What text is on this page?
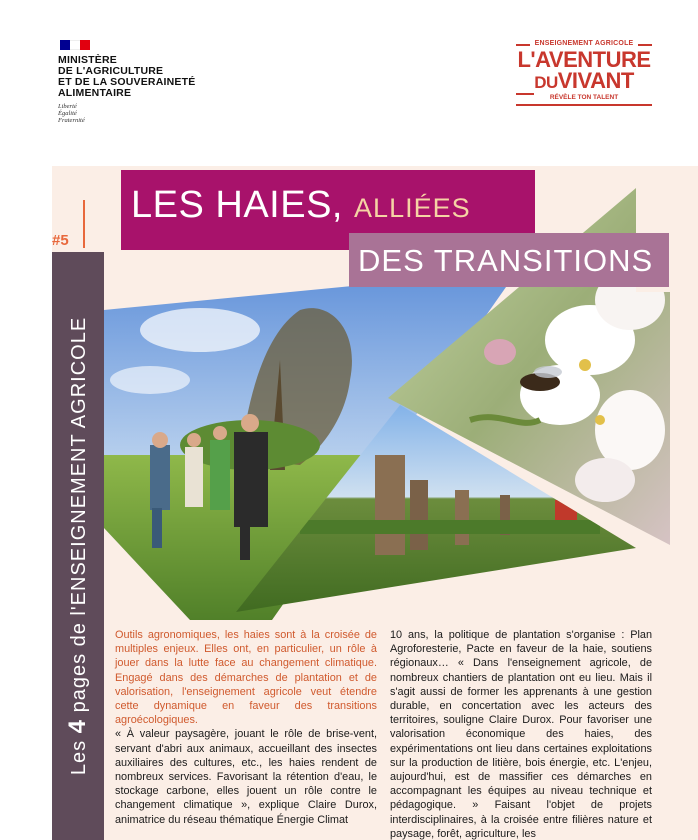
MINISTÈRE
DE L'AGRICULTURE
ET DE LA SOUVERAINETÉ
ALIMENTAIRE
Liberté
Égalité
Fraternité
ENSEIGNEMENT AGRICOLE
L'AVENTURE
DUVIVANT
RÉVÈLE TON TALENT
#5
Les 4 pages de l'ENSEIGNEMENT AGRICOLE
LES HAIES, ALLIÉES
DES TRANSITIONS

Outils agronomiques, les haies sont à la croisée de multiples enjeux. Elles ont, en particulier, un rôle à jouer dans la lutte face au changement climatique. Engagé dans des démarches de plantation et de valorisation, l'enseignement agricole veut étendre cette dynamique en faveur des transitions agroécologiques.

« À valeur paysagère, jouant le rôle de brise-vent, servant d'abri aux animaux, accueillant des insectes auxiliaires des cultures, etc., les haies rendent de nombreux services. Favorisant la rétention d'eau, le stockage carbone, elles jouent un rôle contre le changement climatique », explique Claire Durox, animatrice du réseau thématique Énergie Climat

10 ans, la politique de plantation s'organise : Plan Agroforesterie, Pacte en faveur de la haie, soutiens régionaux… « Dans l'enseignement agricole, de nombreux chantiers de plantation ont eu lieu. Mais il s'agit aussi de former les apprenants à une gestion durable, en concertation avec les acteurs des territoires, souligne Claire Durox. Pour favoriser une valorisation économique des haies, des expérimentations ont lieu dans certaines exploitations sur la production de litière, bois énergie, etc. L'enjeu, aujourd'hui, est de massifier ces démarches en accompagnant les équipes au niveau technique et pédagogique. » Faisant l'objet de projets interdisciplinaires, à la croisée entre filières nature et paysage, forêt, agriculture, les
